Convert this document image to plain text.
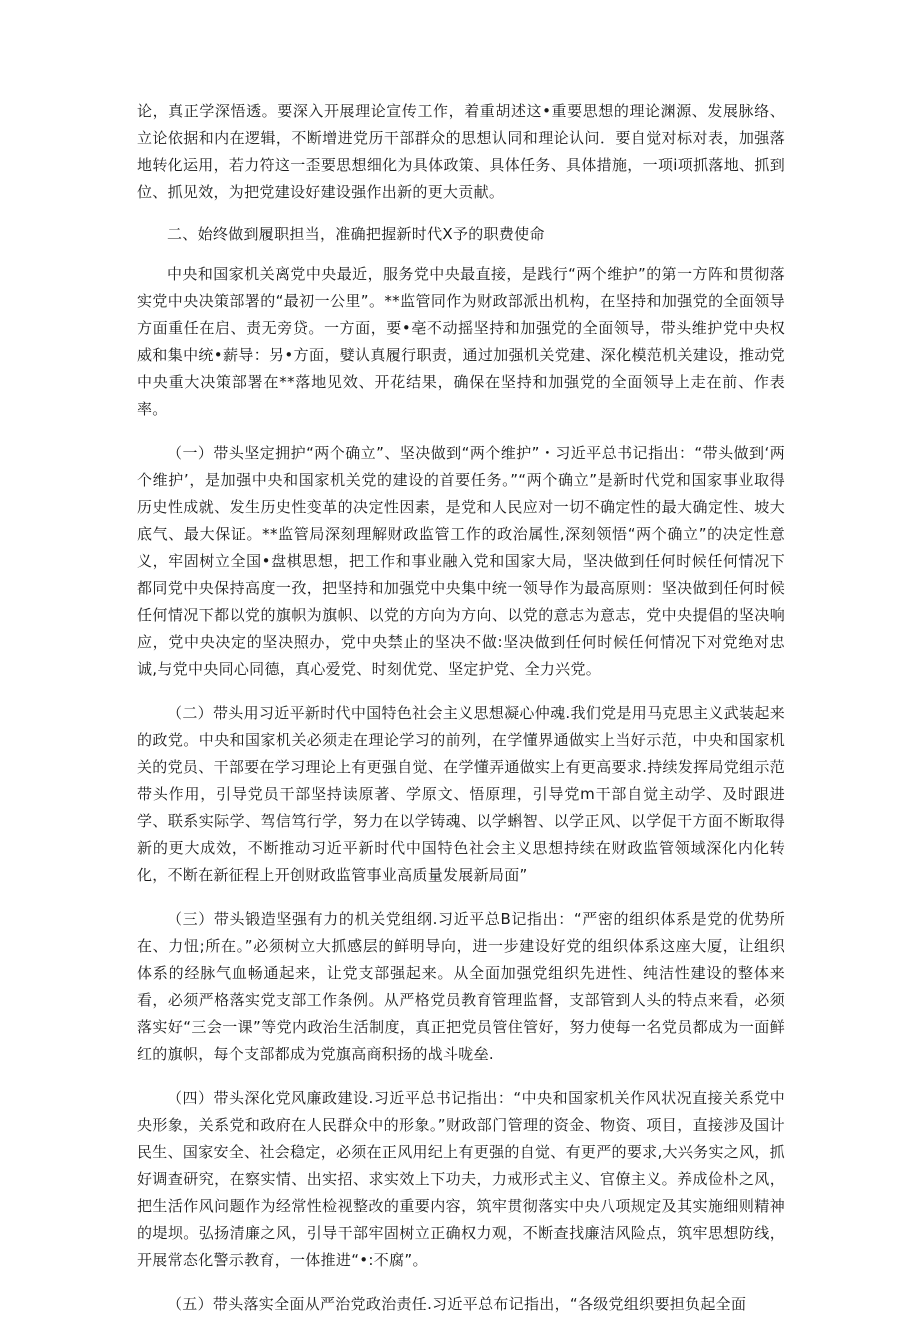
论，真正学深悟透。要深入开展理论宣传工作，着重胡述这•重要思想的理论渊源、发展脉络、立论依据和内在逻辑，不断增进党历干部群众的思想认同和理论认问．要自觉对标对表，加强落地转化运用，若力符这一歪要思想细化为具体政策、具体任务、具体措施，一项i项抓落地、抓到位、抓见效，为把党建设好建设强作出新的更大贡献。

二、始终做到履职担当，准确把握新时代X予的职费使命

中央和国家机关离党中央最近，服务党中央最直接，是践行“两个维护”的第一方阵和贯彻落实党中央决策部署的“最初一公里”。**监管同作为财政部派出机构，在坚持和加强党的全面领导方面重任在启、责无旁贷。一方面，要•亳不动摇坚持和加强党的全面领导，带头维护党中央权威和集中统•薪导：另•方面，嬖认真履行职责，通过加强机关党建、深化模范机关建设，推动党中央重大决策部署在**落地见效、开花结果，确保在坚持和加强党的全面领导上走在前、作表率。

（一）带头坚定拥护“两个确立”、坚决做到“两个维护”・习近平总书记指出：“带头做到‘两个维护’，是加强中央和国家机关党的建设的首要任务。”“两个确立”是新时代党和国家事业取得历史性成就、发生历史性变革的决定性因素，是党和人民应对一切不确定性的最大确定性、坡大底气、最大保证。**监管局深刻理解财政监管工作的政治属性,深刻领悟“两个确立”的决定性意义，牢固树立全国•盘棋思想，把工作和事业融入党和国家大局，坚决做到任何时候任何情况下都同党中央保持高度一孜，把坚持和加强党中央集中统一领导作为最高原则：坚决做到任何时候任何情况下都以党的旗帜为旗帜、以党的方向为方向、以党的意志为意志，党中央提倡的坚决响应，党中央决定的坚决照办，党中央禁止的坚决不做:坚决做到任何时候任何情况下对党绝对忠诚,与党中央同心同德，真心爱党、时刻优党、坚定护党、全力兴党。

（二）带头用习近平新时代中国特色社会主义思想凝心仲魂.我们党是用马克思主义武装起来的政党。中央和国家机关必须走在理论学习的前列，在学懂界通做实上当好示范，中央和国家机关的党员、干部要在学习理论上有更强自觉、在学懂弄通做实上有更高要求.持续发挥局党组示范带头作用，引导党员干部坚持读原著、学原文、悟原理，引导党m干部自觉主动学、及时跟进学、联系实际学、驾信笃行学，努力在以学铸魂、以学蝌智、以学正风、以学促干方面不断取得新的更大成效，不断推动习近平新时代中国特色社会主义思想持续在财政监管领域深化内化转化，不断在新征程上开创财政监管事业高质量发展新局面”

（三）带头锻造坚强有力的机关党组纲.习近平总B记指出：“严密的组织体系是党的优势所在、力忸;所在。”必须树立大抓感层的鲜明导向，进一步建设好党的组织体系这座大厦，让组织体系的经脉气血畅通起来，让党支部强起来。从全面加强党组织先进性、纯洁性建设的整体来看，必须严格落实党支部工作条例。从严格党员教育管理监督，支部管到人头的特点来看，必须落实好“三会一课”等党内政治生活制度，真正把党员管住管好，努力使每一名党员都成为一面鲜红的旗帜，每个支部都成为党旗高商积扬的战斗咙垒.

（四）带头深化党风廉政建设.习近平总书记指出：“中央和国家机关作风状况直接关系党中央形象，关系党和政府在人民群众中的形象。”财政部门管理的资金、物资、项目，直接涉及国计民生、国家安全、社会稳定，必须在正风用纪上有更强的自觉、有更严的要求,大兴务实之风，抓好调查研究，在察实情、出实招、求实效上下功夫，力戒形式主义、官僚主义。养成俭朴之风，把生活作风问题作为经常性检视整改的重要内容，筑牢贯彻落实中央八项规定及其实施细则精神的堤坝。弘扬清廉之风，引导干部牢固树立正确权力观，不断查找廉洁风险点，筑牢思想防线，开展常态化警示教育，一体推进“•:不腐”。

（五）带头落实全面从严治党政治责任.习近平总布记指出，“各级党组织要担负起全面
